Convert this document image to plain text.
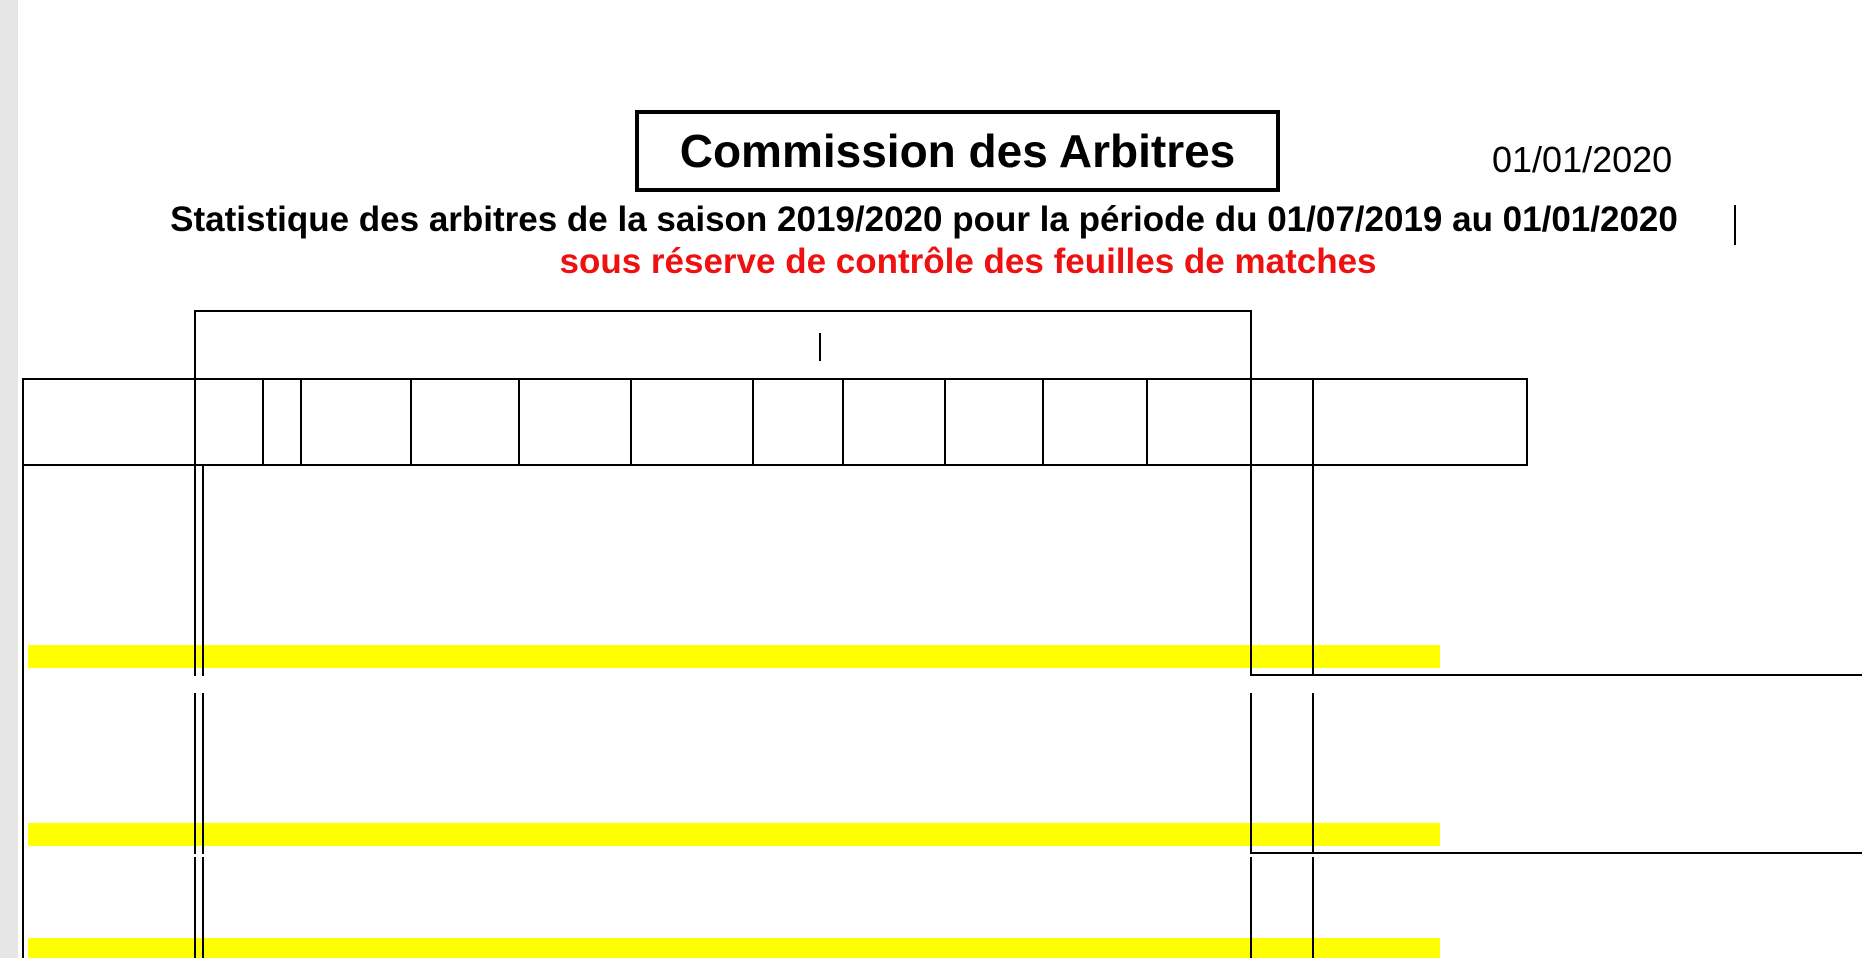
Commission des Arbitres	01/01/2020
Statistique des arbitres de la saison 2019/2020 pour la période du 01/07/2019 au 01/01/2020
sous réserve de contrôle des feuilles de matches
